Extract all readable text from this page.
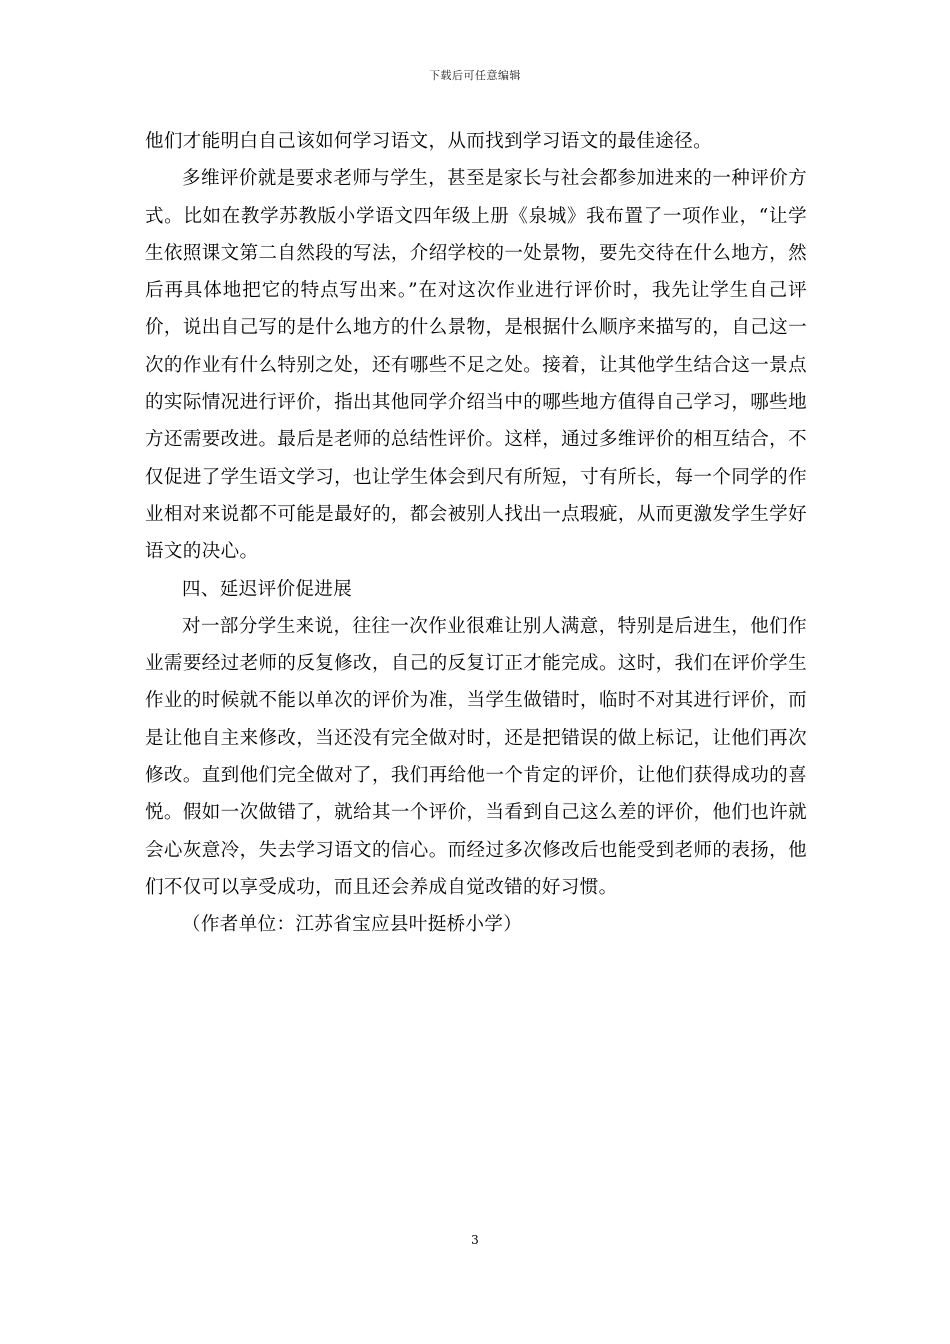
下载后可任意编辑

他们才能明白自己该如何学习语文，从而找到学习语文的最佳途径。

多维评价就是要求老师与学生，甚至是家长与社会都参加进来的一种评价方式。比如在教学苏教版小学语文四年级上册《泉城》我布置了一项作业，“让学生依照课文第二自然段的写法，介绍学校的一处景物，要先交待在什么地方，然后再具体地把它的特点写出来。”在对这次作业进行评价时，我先让学生自己评价，说出自己写的是什么地方的什么景物，是根据什么顺序来描写的，自己这一次的作业有什么特别之处，还有哪些不足之处。接着，让其他学生结合这一景点的实际情况进行评价，指出其他同学介绍当中的哪些地方值得自己学习，哪些地方还需要改进。最后是老师的总结性评价。这样，通过多维评价的相互结合，不仅促进了学生语文学习，也让学生体会到尺有所短，寸有所长，每一个同学的作业相对来说都不可能是最好的，都会被别人找出一点瑕疵，从而更激发学生学好语文的决心。

四、延迟评价促进展

对一部分学生来说，往往一次作业很难让别人满意，特别是后进生，他们作业需要经过老师的反复修改，自己的反复订正才能完成。这时，我们在评价学生作业的时候就不能以单次的评价为准，当学生做错时，临时不对其进行评价，而是让他自主来修改，当还没有完全做对时，还是把错误的做上标记，让他们再次修改。直到他们完全做对了，我们再给他一个肯定的评价，让他们获得成功的喜悦。假如一次做错了，就给其一个评价，当看到自己这么差的评价，他们也许就会心灰意冷，失去学习语文的信心。而经过多次修改后也能受到老师的表扬，他们不仅可以享受成功，而且还会养成自觉改错的好习惯。

（作者单位：江苏省宝应县叶挺桥小学）

3
